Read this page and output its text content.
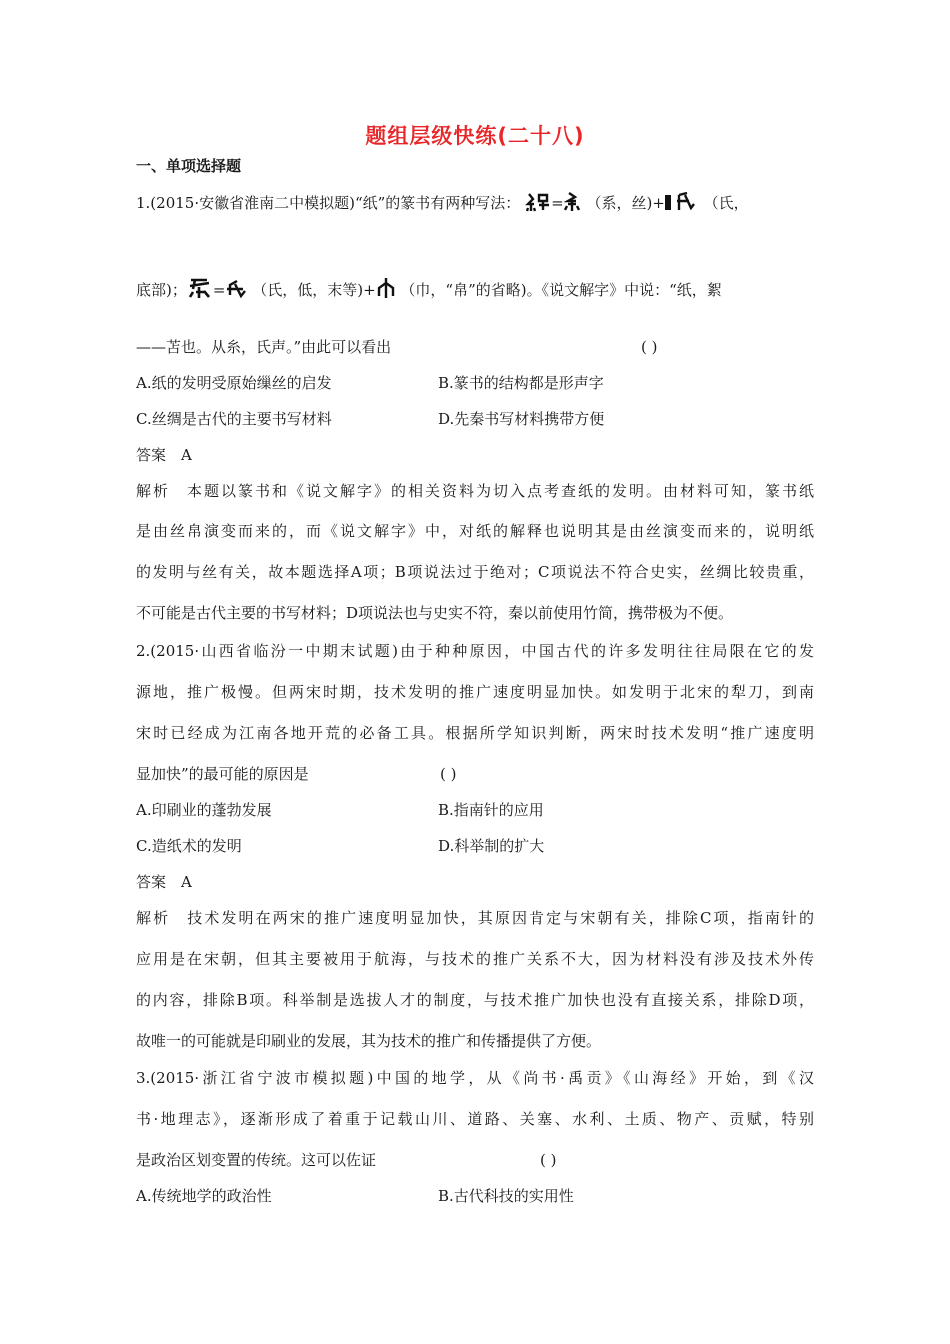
题组层级快练(二十八)
一、单项选择题
1.(2015·安徽省淮南二中模拟题)“纸”的篆书有两种写法： = （系，丝)+	（氏，
底部)； = （氏，低，末等)+ （巾，“帛”的省略)。《说文解字》中说：“纸，絮
——苫也。从糸，氏声。”由此可以看出	( )
A.纸的发明受原始缫丝的启发	B.篆书的结构都是形声字
C.丝绸是古代的主要书写材料	D.先秦书写材料携带方便
答案　A
解析　本题以篆书和《说文解字》的相关资料为切入点考查纸的发明。由材料可知，篆书纸
是由丝帛演变而来的，而《说文解字》中，对纸的解释也说明其是由丝演变而来的，说明纸
的发明与丝有关，故本题选择A项；B项说法过于绝对；C项说法不符合史实，丝绸比较贵重，
不可能是古代主要的书写材料；D项说法也与史实不符，秦以前使用竹简，携带极为不便。
2.(2015·山西省临汾一中期末试题)由于种种原因，中国古代的许多发明往往局限在它的发
源地，推广极慢。但两宋时期，技术发明的推广速度明显加快。如发明于北宋的犁刀，到南
宋时已经成为江南各地开荒的必备工具。根据所学知识判断，两宋时技术发明“推广速度明
显加快”的最可能的原因是	( )
A.印刷业的蓬勃发展	B.指南针的应用
C.造纸术的发明	D.科举制的扩大
答案　A
解析　技术发明在两宋的推广速度明显加快，其原因肯定与宋朝有关，排除C项，指南针的
应用是在宋朝，但其主要被用于航海，与技术的推广关系不大，因为材料没有涉及技术外传
的内容，排除B项。科举制是选拔人才的制度，与技术推广加快也没有直接关系，排除D项，
故唯一的可能就是印刷业的发展，其为技术的推广和传播提供了方便。
3.(2015·浙江省宁波市模拟题)中国的地学，从《尚书·禹贡》《山海经》开始，到《汉
书·地理志》，逐渐形成了着重于记载山川、道路、关塞、水利、土质、物产、贡赋，特别
是政治区划变置的传统。这可以佐证	( )
A.传统地学的政治性	B.古代科技的实用性
